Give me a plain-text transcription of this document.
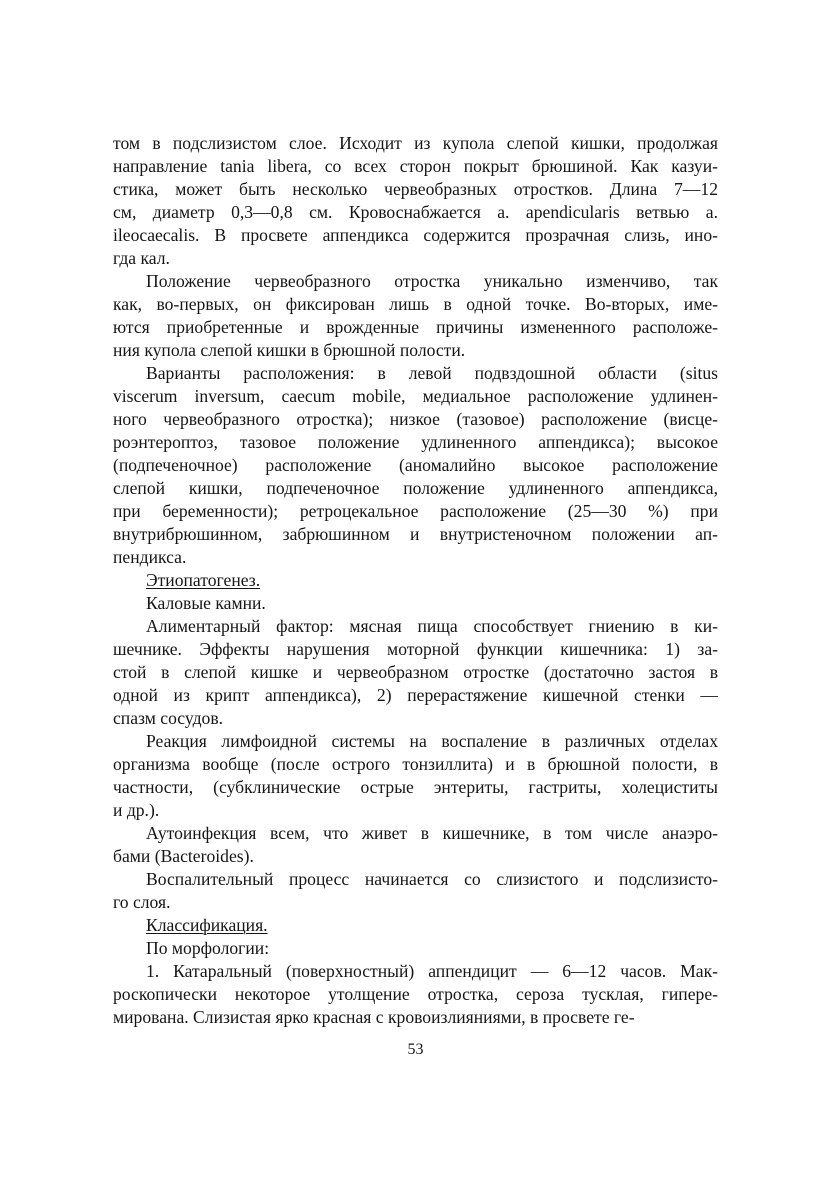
том в подслизистом слое. Исходит из купола слепой кишки, продолжая
направление tania libera, со всех сторон покрыт брюшиной. Как казуи-
стика, может быть несколько червеобразных отростков. Длина 7—12
см, диаметр 0,3—0,8 см. Кровоснабжается а. apendicularis ветвью а.
ileocaecalis. В просвете аппендикса содержится прозрачная слизь, ино-
гда кал.
Положение червеобразного отростка уникально изменчиво, так
как, во-первых, он фиксирован лишь в одной точке. Во-вторых, име-
ются приобретенные и врожденные причины измененного расположе-
ния купола слепой кишки в брюшной полости.
Варианты расположения: в левой подвздошной области (situs
viscerum inversum, caecum mobile, медиальное расположение удлинен-
ного червеобразного отростка); низкое (тазовое) расположение (висце-
роэнтероптоз, тазовое положение удлиненного аппендикса); высокое
(подпеченочное) расположение (аномалийно высокое расположение
слепой кишки, подпеченочное положение удлиненного аппендикса,
при беременности); ретроцекальное расположение (25—30 %) при
внутрибрюшинном, забрюшинном и внутристеночном положении ап-
пендикса.
Этиопатогенез.
Каловые камни.
Алиментарный фактор: мясная пища способствует гниению в ки-
шечнике. Эффекты нарушения моторной функции кишечника: 1) за-
стой в слепой кишке и червеобразном отростке (достаточно застоя в
одной из крипт аппендикса), 2) перерастяжение кишечной стенки —
спазм сосудов.
Реакция лимфоидной системы на воспаление в различных отделах
организма вообще (после острого тонзиллита) и в брюшной полости, в
частности, (субклинические острые энтериты, гастриты, холециститы
и др.).
Аутоинфекция всем, что живет в кишечнике, в том числе анаэро-
бами (Bacteroides).
Воспалительный процесс начинается со слизистого и подслизисто-
го слоя.
Классификация.
По морфологии:
1. Катаральный (поверхностный) аппендицит — 6—12 часов. Мак-
роскопически некоторое утолщение отростка, сероза тусклая, гипере-
мирована. Слизистая ярко красная с кровоизлияниями, в просвете ге-
53
